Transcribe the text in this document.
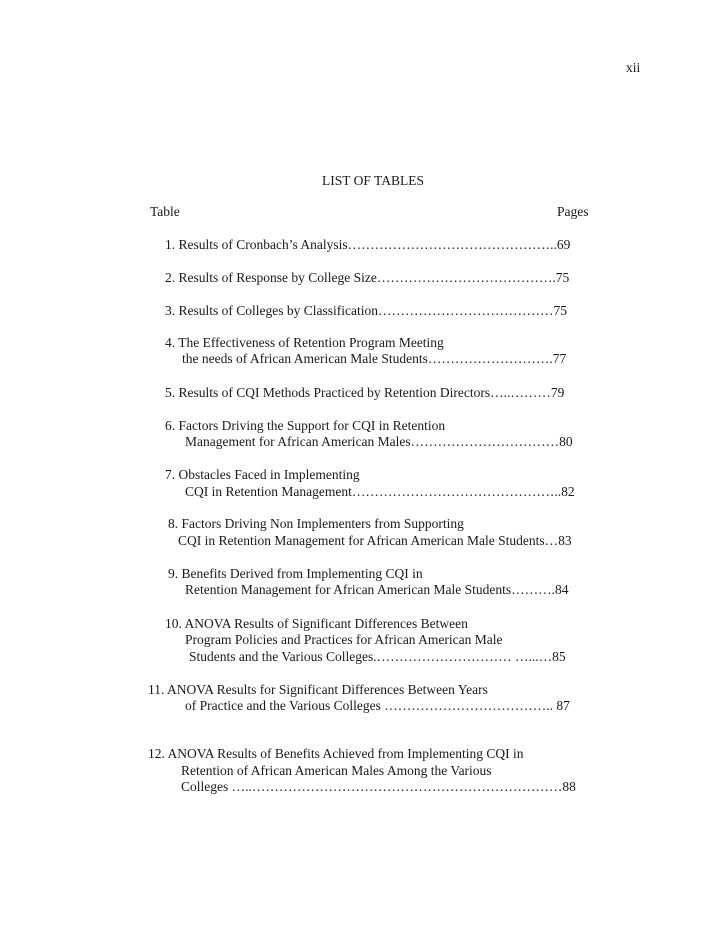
xii
LIST OF TABLES
Table	Pages
1. Results of Cronbach’s Analysis………………………………………..69
2. Results of Response by College Size………………………………….75
3. Results of Colleges by Classification…………………………………75
4. The Effectiveness of Retention Program Meeting
the needs of African American Male Students……………………….77
5. Results of CQI Methods Practiced by Retention Directors…..………79
6. Factors Driving the Support for CQI in Retention
Management for African American Males……………………………80
7. Obstacles Faced in Implementing
CQI in Retention Management………………………………………..82
8. Factors Driving Non Implementers from Supporting
CQI in Retention Management for African American Male Students…83
9. Benefits Derived from Implementing CQI in
Retention Management for African American Male Students……….84
10. ANOVA Results of Significant Differences Between
Program Policies and Practices for African American Male
Students and the Various Colleges.………………………… …...…85
11. ANOVA Results for Significant Differences Between Years
of Practice and the Various Colleges ……………………………….. 87
12. ANOVA Results of Benefits Achieved from Implementing CQI in
Retention of African American Males Among the Various
Colleges …..……………………………………………………………88
